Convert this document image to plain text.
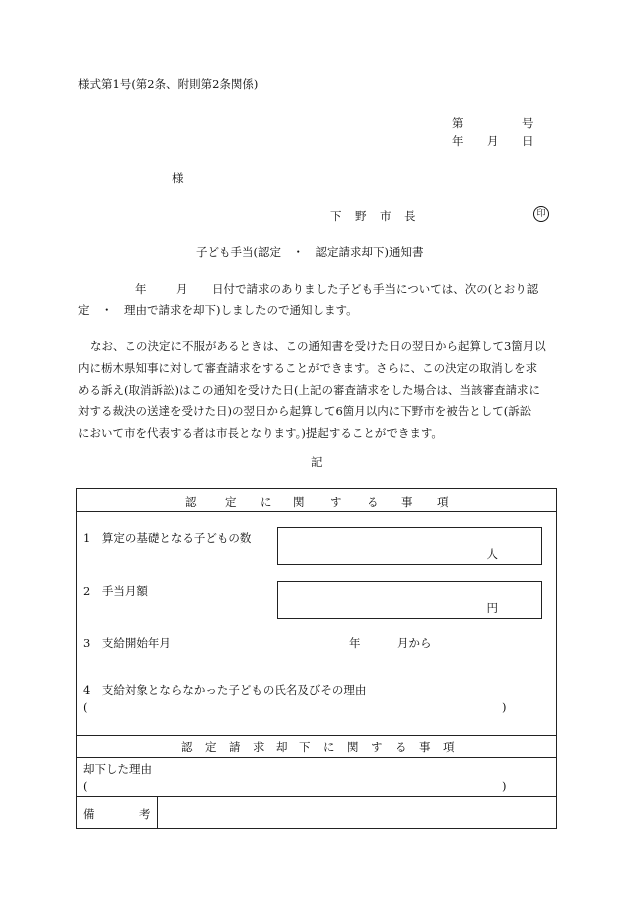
様式第1号(第2条、附則第2条関係)
第	号
年 月 日
様
下 野 市 長	印
子ども手当(認定　・　認定請求却下)通知書
年	月 日付で請求のありました子ども手当については、次の(とおり認
定　・　理由で請求を却下)しましたので通知します。
なお、この決定に不服があるときは、この通知書を受けた日の翌日から起算して3箇月以
内に栃木県知事に対して審査請求をすることができます。さらに、この決定の取消しを求
める訴え(取消訴訟)はこの通知を受けた日(上記の審査請求をした場合は、当該審査請求に
対する裁決の送達を受けた日)の翌日から起算して6箇月以内に下野市を被告として(訴訟
において市を代表する者は市長となります。)提起することができます。
記
認 定 に 関 す る 事 項
1　算定の基礎となる子どもの数
人
2　手当月額
円
3　支給開始年月	年	月から
4　支給対象とならなかった子どもの氏名及びその理由
(	)
認 定 請 求 却 下 に 関 す る 事 項
却下した理由
(	)
備	考
